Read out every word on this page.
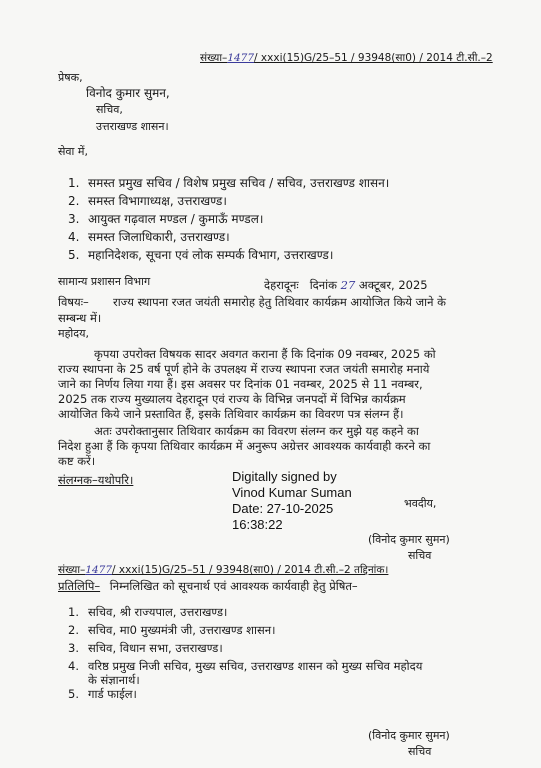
संख्या–1477/ xxxi(15)G/25–51 / 93948(सा0) / 2014 टी.सी.–2
प्रेषक,
विनोद कुमार सुमन,
सचिव,
उत्तराखण्ड शासन।
सेवा में,
1. समस्त प्रमुख सचिव / विशेष प्रमुख सचिव / सचिव, उत्तराखण्ड शासन।
2. समस्त विभागाध्यक्ष, उत्तराखण्ड।
3. आयुक्त गढ़वाल मण्डल / कुमाऊँ मण्डल।
4. समस्त जिलाधिकारी, उत्तराखण्ड।
5. महानिदेशक, सूचना एवं लोक सम्पर्क विभाग, उत्तराखण्ड।
सामान्य प्रशासन विभाग	देहरादूनः दिनांक 27 अक्टूबर, 2025
विषयः– राज्य स्थापना रजत जयंती समारोह हेतु तिथिवार कार्यक्रम आयोजित किये जाने के
सम्बन्ध में।
महोदय,
कृपया उपरोक्त विषयक सादर अवगत कराना हैं कि दिनांक 09 नवम्बर, 2025 को
राज्य स्थापना के 25 वर्ष पूर्ण होने के उपलक्ष्य में राज्य स्थापना रजत जयंती समारोह मनाये
जाने का निर्णय लिया गया हैं। इस अवसर पर दिनांक 01 नवम्बर, 2025 से 11 नवम्बर,
2025 तक राज्य मुख्यालय देहरादून एवं राज्य के विभिन्न जनपदों में विभिन्न कार्यक्रम
आयोजित किये जाने प्रस्तावित हैं, इसके तिथिवार कार्यक्रम का विवरण पत्र संलग्न हैं।
अतः उपरोक्तानुसार तिथिवार कार्यक्रम का विवरण संलग्न कर मुझे यह कहने का
निदेश हुआ हैं कि कृपया तिथिवार कार्यक्रम में अनुरूप अग्रेत्तर आवश्यक कार्यवाही करने का
कष्ट करें।
संलग्नक–यथोपरि।	Digitally signed by
Vinod Kumar Suman
Date: 27-10-2025
16:38:22
भवदीय,
(विनोद कुमार सुमन)
सचिव
संख्या–1477/ xxxi(15)G/25–51 / 93948(सा0) / 2014 टी.सी.–2 तद्दिनांक।
प्रतिलिपि– निम्नलिखित को सूचनार्थ एवं आवश्यक कार्यवाही हेतु प्रेषित–
1. सचिव, श्री राज्यपाल, उत्तराखण्ड।
2. सचिव, मा0 मुख्यमंत्री जी, उत्तराखण्ड शासन।
3. सचिव, विधान सभा, उत्तराखण्ड।
4. वरिष्ठ प्रमुख निजी सचिव, मुख्य सचिव, उत्तराखण्ड शासन को मुख्य सचिव महोदय
के संज्ञानार्थ।
5. गार्ड फाईल।
(विनोद कुमार सुमन)
सचिव
